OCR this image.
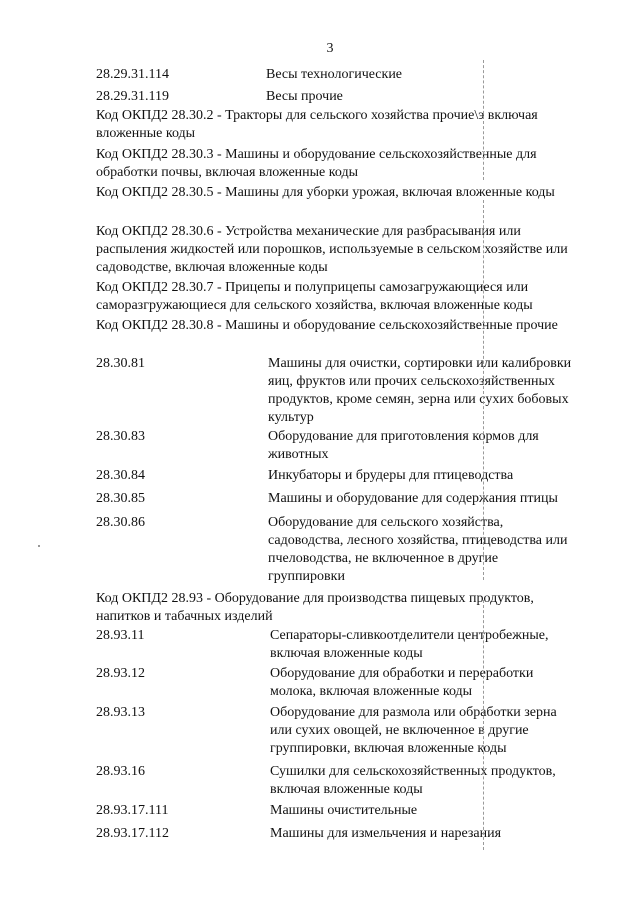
3
28.29.31.114	Весы технологические
28.29.31.119	Весы прочие
Код ОКПД2 28.30.2 - Тракторы для сельского хозяйства прочие\э включая вложенные коды
Код ОКПД2 28.30.3 - Машины и оборудование сельскохозяйственные для обработки почвы, включая вложенные коды
Код ОКПД2 28.30.5 - Машины для уборки урожая, включая вложенные коды
Код ОКПД2 28.30.6 - Устройства механические для разбрасывания или распыления жидкостей или порошков, используемые в сельском хозяйстве или садоводстве, включая вложенные коды
Код ОКПД2 28.30.7 - Прицепы и полуприцепы самозагружающиеся или саморазгружающиеся для сельского хозяйства, включая вложенные коды
Код ОКПД2 28.30.8 - Машины и оборудование сельскохозяйственные прочие
28.30.81	Машины для очистки, сортировки или калибровки яиц, фруктов или прочих сельскохозяйственных продуктов, кроме семян, зерна или сухих бобовых культур
28.30.83	Оборудование для приготовления кормов для животных
28.30.84	Инкубаторы и брудеры для птицеводства
28.30.85	Машины и оборудование для содержания птицы
28.30.86	Оборудование для сельского хозяйства, садоводства, лесного хозяйства, птицеводства или пчеловодства, не включенное в другие группировки
Код ОКПД2 28.93 - Оборудование для производства пищевых продуктов, напитков и табачных изделий
28.93.11	Сепараторы-сливкоотделители центробежные, включая вложенные коды
28.93.12	Оборудование для обработки и переработки молока, включая вложенные коды
28.93.13	Оборудование для размола или обработки зерна или сухих овощей, не включенное в другие группировки, включая вложенные коды
28.93.16	Сушилки для сельскохозяйственных продуктов, включая вложенные коды
28.93.17.111	Машины очистительные
28.93.17.112	Машины для измельчения и нарезания
